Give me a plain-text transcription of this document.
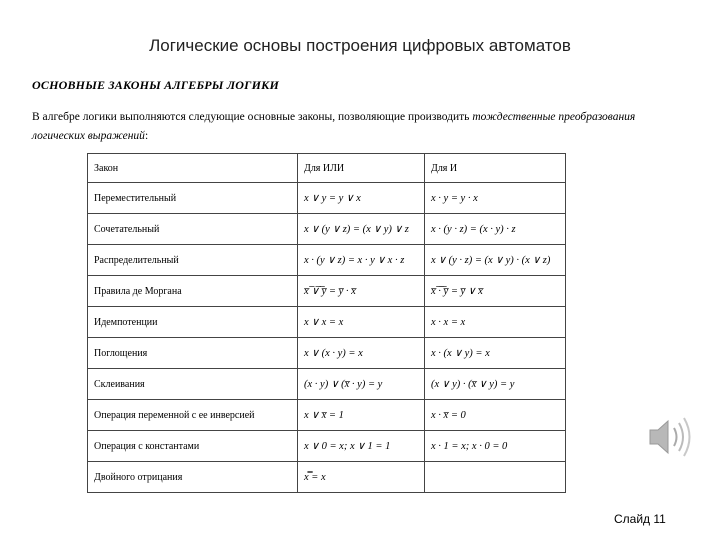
Логические основы построения цифровых автоматов
ОСНОВНЫЕ ЗАКОНЫ АЛГЕБРЫ ЛОГИКИ
В алгебре логики выполняются следующие основные законы, позволяющие производить тождественные преобразования логических выражений:
Закон	Для ИЛИ	Для И
Переместительный	x ∨ y = y ∨ x	x · y = y · x
Сочетательный	x ∨ (y ∨ z) = (x ∨ y) ∨ z	x · (y · z) = (x · y) · z
Распределительный	x · (y ∨ z) = x · y ∨ x · z	x ∨ (y · z) = (x ∨ y) · (x ∨ z)
Правила де Моргана	x̅ ̅∨̅ ̅y̅ = y̅ · x̅	x̅ ̅·̅ ̅y̅ = y̅ ∨ x̅
Идемпотенции	x ∨ x = x	x · x = x
Поглощения	x ∨ (x · y) = x	x · (x ∨ y) = x
Склеивания	(x · y) ∨ (x̅ · y) = y	(x ∨ y) · (x̅ ∨ y) = y
Операция переменной с ее инверсией	x ∨ x̅ = 1	x · x̅ = 0
Операция с константами	x ∨ 0 = x; x ∨ 1 = 1	x · 1 = x; x · 0 = 0
Двойного отрицания	x̿ = x	
Слайд 11
